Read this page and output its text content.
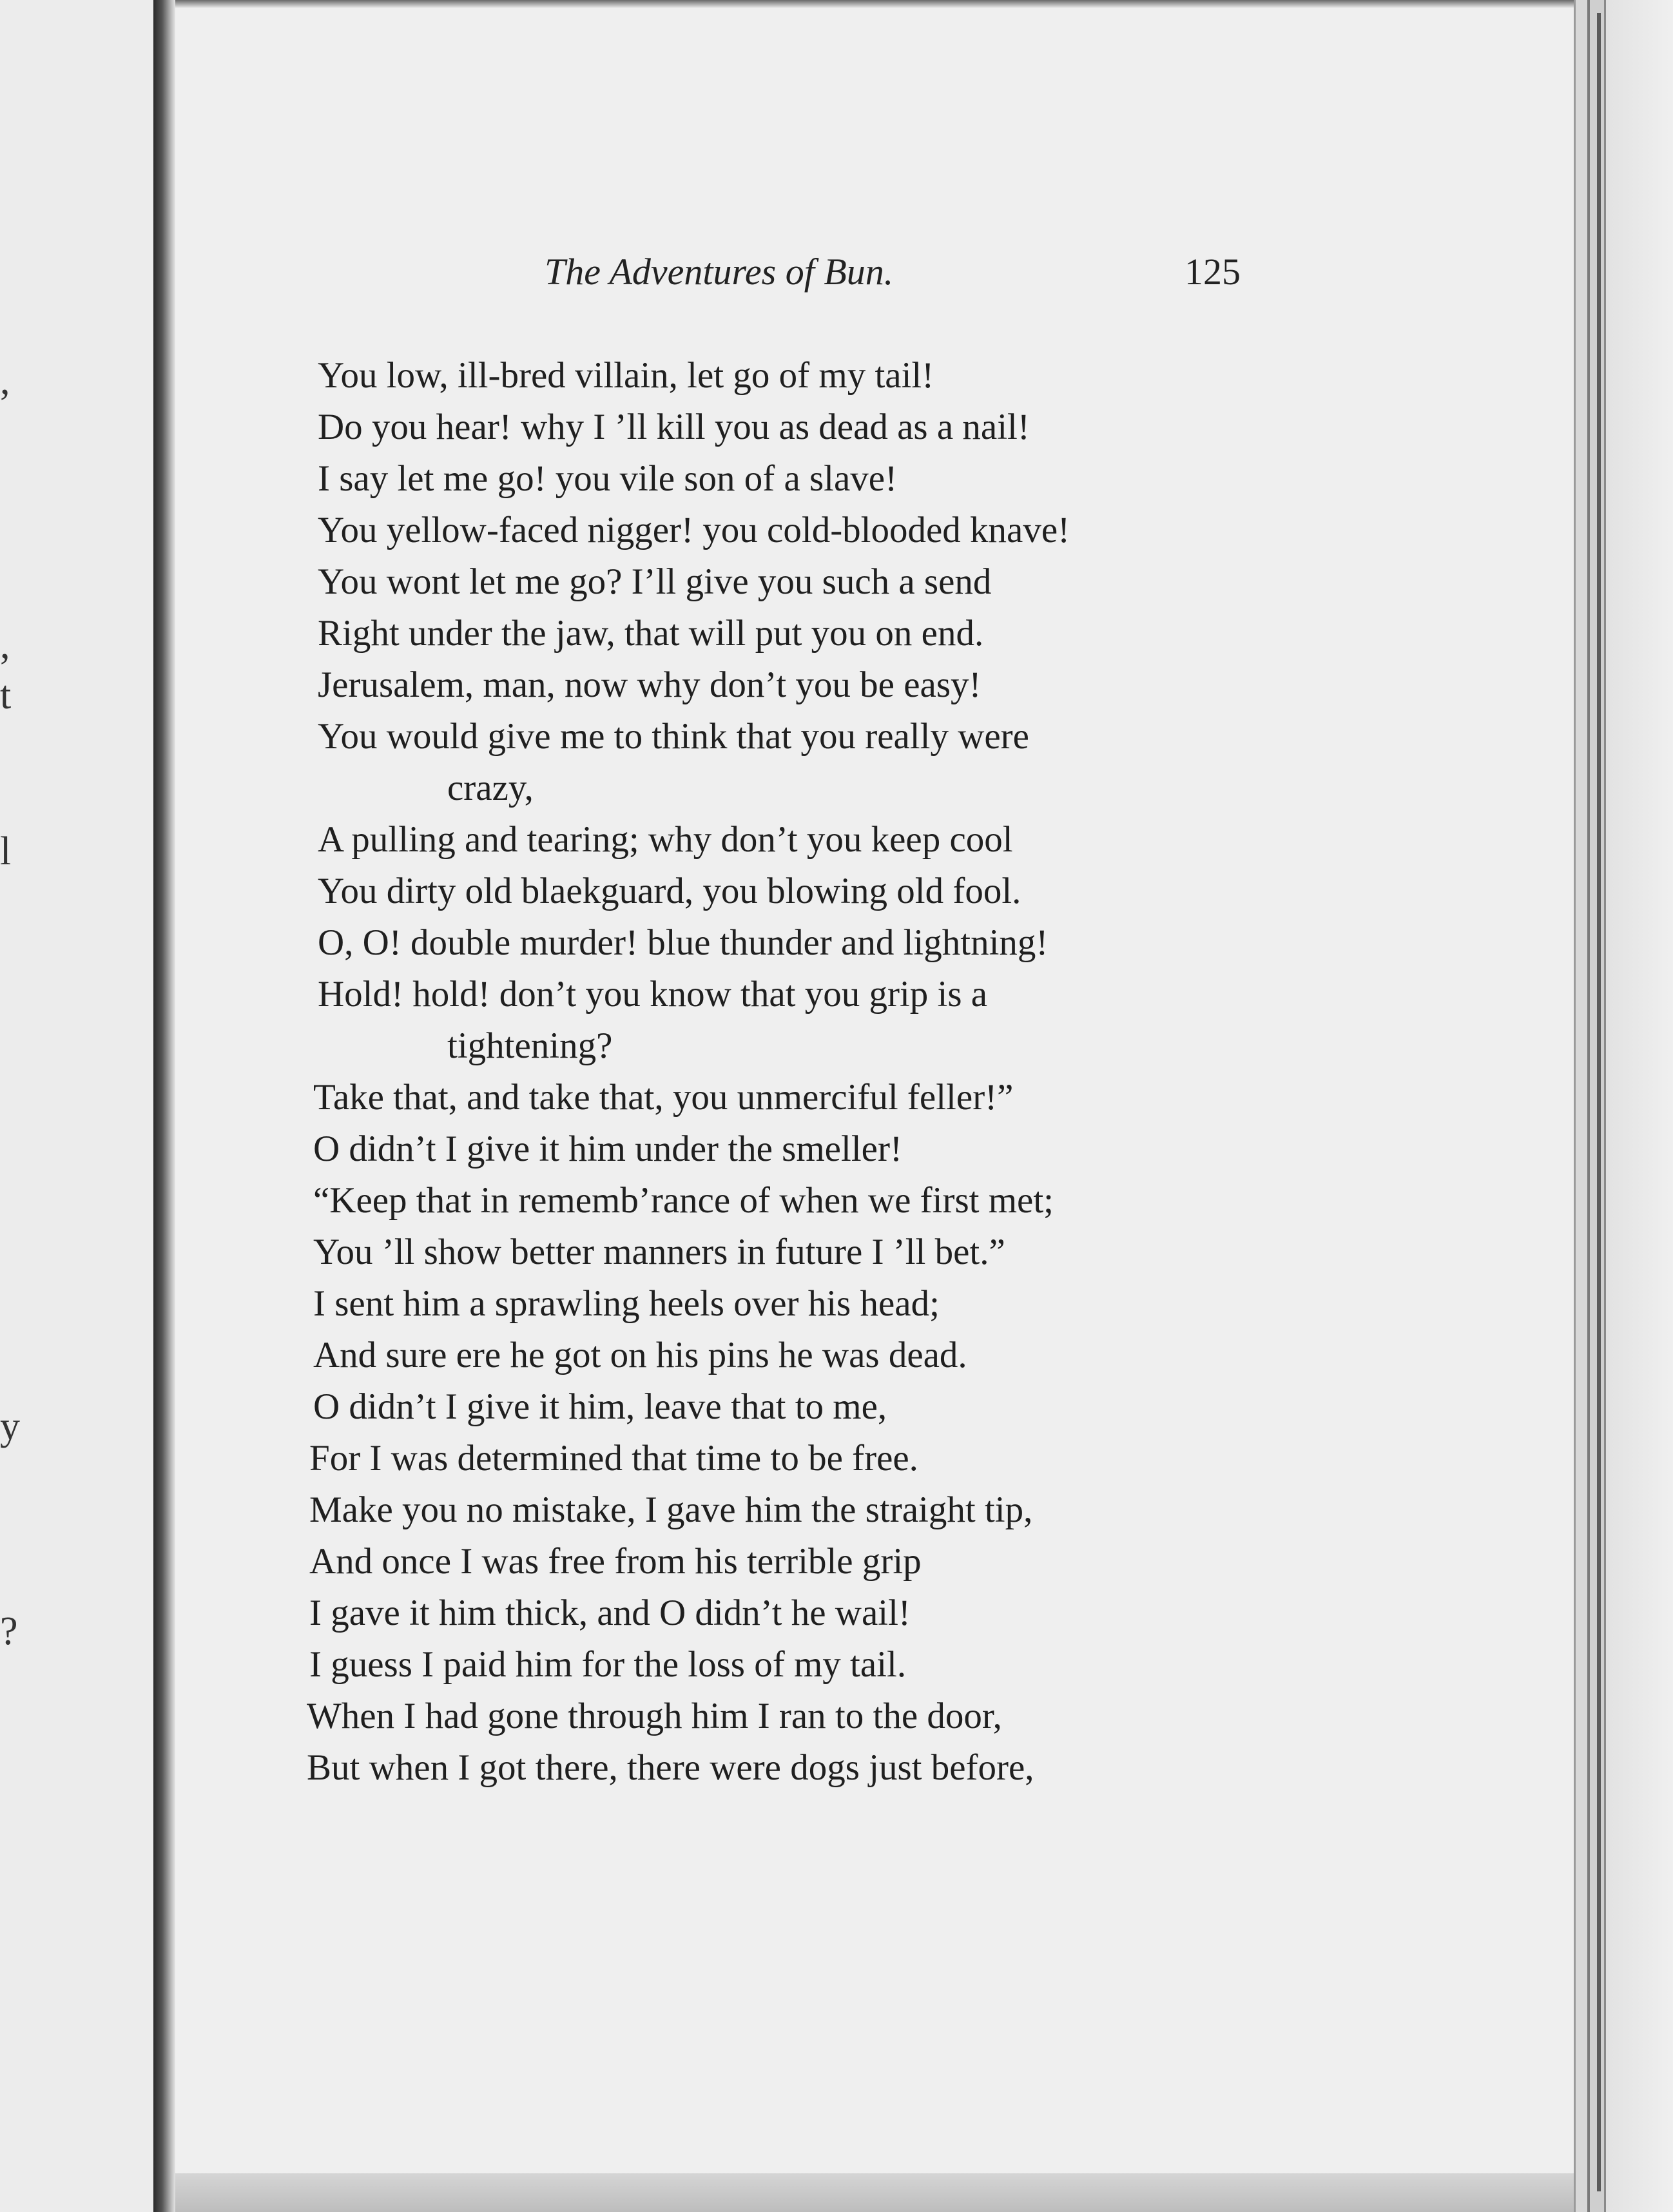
,
,
t
l
y
?
The Adventures of Bun.	125
You low, ill-bred villain, let go of my tail!
Do you hear! why I ’ll kill you as dead as a nail!
I say let me go! you vile son of a slave!
You yellow-faced nigger! you cold-blooded knave!
You wont let me go? I’ll give you such a send
Right under the jaw, that will put you on end.
Jerusalem, man, now why don’t you be easy!
You would give me to think that you really were
crazy,
A pulling and tearing; why don’t you keep cool
You dirty old blaekguard, you blowing old fool.
O, O! double murder! blue thunder and lightning!
Hold! hold! don’t you know that you grip is a
tightening?
Take that, and take that, you unmerciful feller!”
O didn’t I give it him under the smeller!
“Keep that in rememb’rance of when we first met;
You ’ll show better manners in future I ’ll bet.”
I sent him a sprawling heels over his head;
And sure ere he got on his pins he was dead.
O didn’t I give it him, leave that to me,
For I was determined that time to be free.
Make you no mistake, I gave him the straight tip,
And once I was free from his terrible grip
I gave it him thick, and O didn’t he wail!
I guess I paid him for the loss of my tail.
When I had gone through him I ran to the door,
But when I got there, there were dogs just before,
